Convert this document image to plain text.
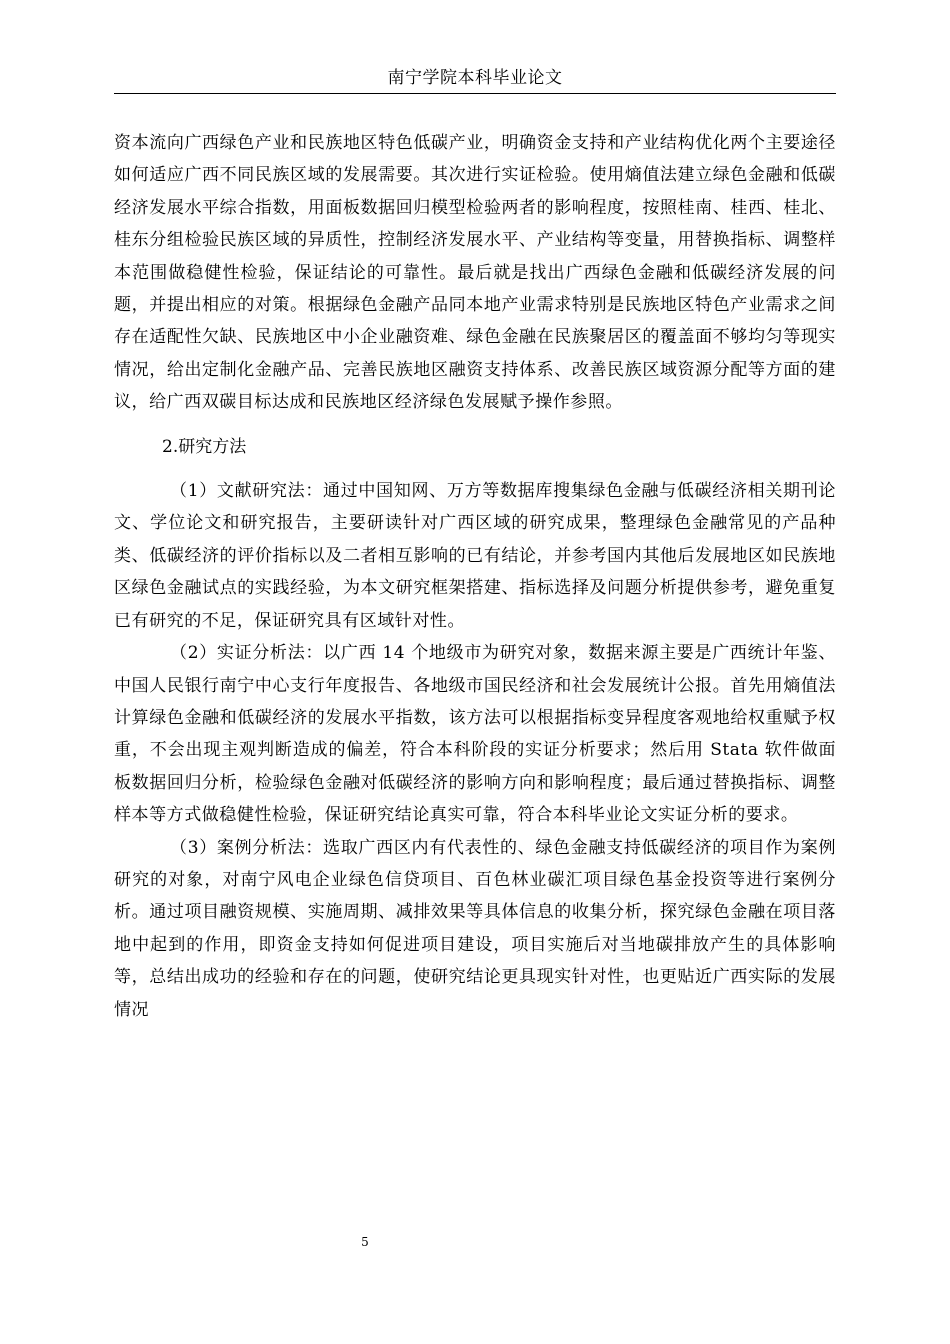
南宁学院本科毕业论文

资本流向广西绿色产业和民族地区特色低碳产业，明确资金支持和产业结构优化两个主要途径如何适应广西不同民族区域的发展需要。其次进行实证检验。使用熵值法建立绿色金融和低碳经济发展水平综合指数，用面板数据回归模型检验两者的影响程度，按照桂南、桂西、桂北、桂东分组检验民族区域的异质性，控制经济发展水平、产业结构等变量，用替换指标、调整样本范围做稳健性检验，保证结论的可靠性。最后就是找出广西绿色金融和低碳经济发展的问题，并提出相应的对策。根据绿色金融产品同本地产业需求特别是民族地区特色产业需求之间存在适配性欠缺、民族地区中小企业融资难、绿色金融在民族聚居区的覆盖面不够均匀等现实情况，给出定制化金融产品、完善民族地区融资支持体系、改善民族区域资源分配等方面的建议，给广西双碳目标达成和民族地区经济绿色发展赋予操作参照。

2.研究方法

（1）文献研究法：通过中国知网、万方等数据库搜集绿色金融与低碳经济相关期刊论文、学位论文和研究报告，主要研读针对广西区域的研究成果，整理绿色金融常见的产品种类、低碳经济的评价指标以及二者相互影响的已有结论，并参考国内其他后发展地区如民族地区绿色金融试点的实践经验，为本文研究框架搭建、指标选择及问题分析提供参考，避免重复已有研究的不足，保证研究具有区域针对性。

（2）实证分析法：以广西 14 个地级市为研究对象，数据来源主要是广西统计年鉴、中国人民银行南宁中心支行年度报告、各地级市国民经济和社会发展统计公报。首先用熵值法计算绿色金融和低碳经济的发展水平指数，该方法可以根据指标变异程度客观地给权重赋予权重，不会出现主观判断造成的偏差，符合本科阶段的实证分析要求；然后用 Stata 软件做面板数据回归分析，检验绿色金融对低碳经济的影响方向和影响程度；最后通过替换指标、调整样本等方式做稳健性检验，保证研究结论真实可靠，符合本科毕业论文实证分析的要求。

（3）案例分析法：选取广西区内有代表性的、绿色金融支持低碳经济的项目作为案例研究的对象，对南宁风电企业绿色信贷项目、百色林业碳汇项目绿色基金投资等进行案例分析。通过项目融资规模、实施周期、减排效果等具体信息的收集分析，探究绿色金融在项目落地中起到的作用，即资金支持如何促进项目建设，项目实施后对当地碳排放产生的具体影响等，总结出成功的经验和存在的问题，使研究结论更具现实针对性，也更贴近广西实际的发展情况

5
